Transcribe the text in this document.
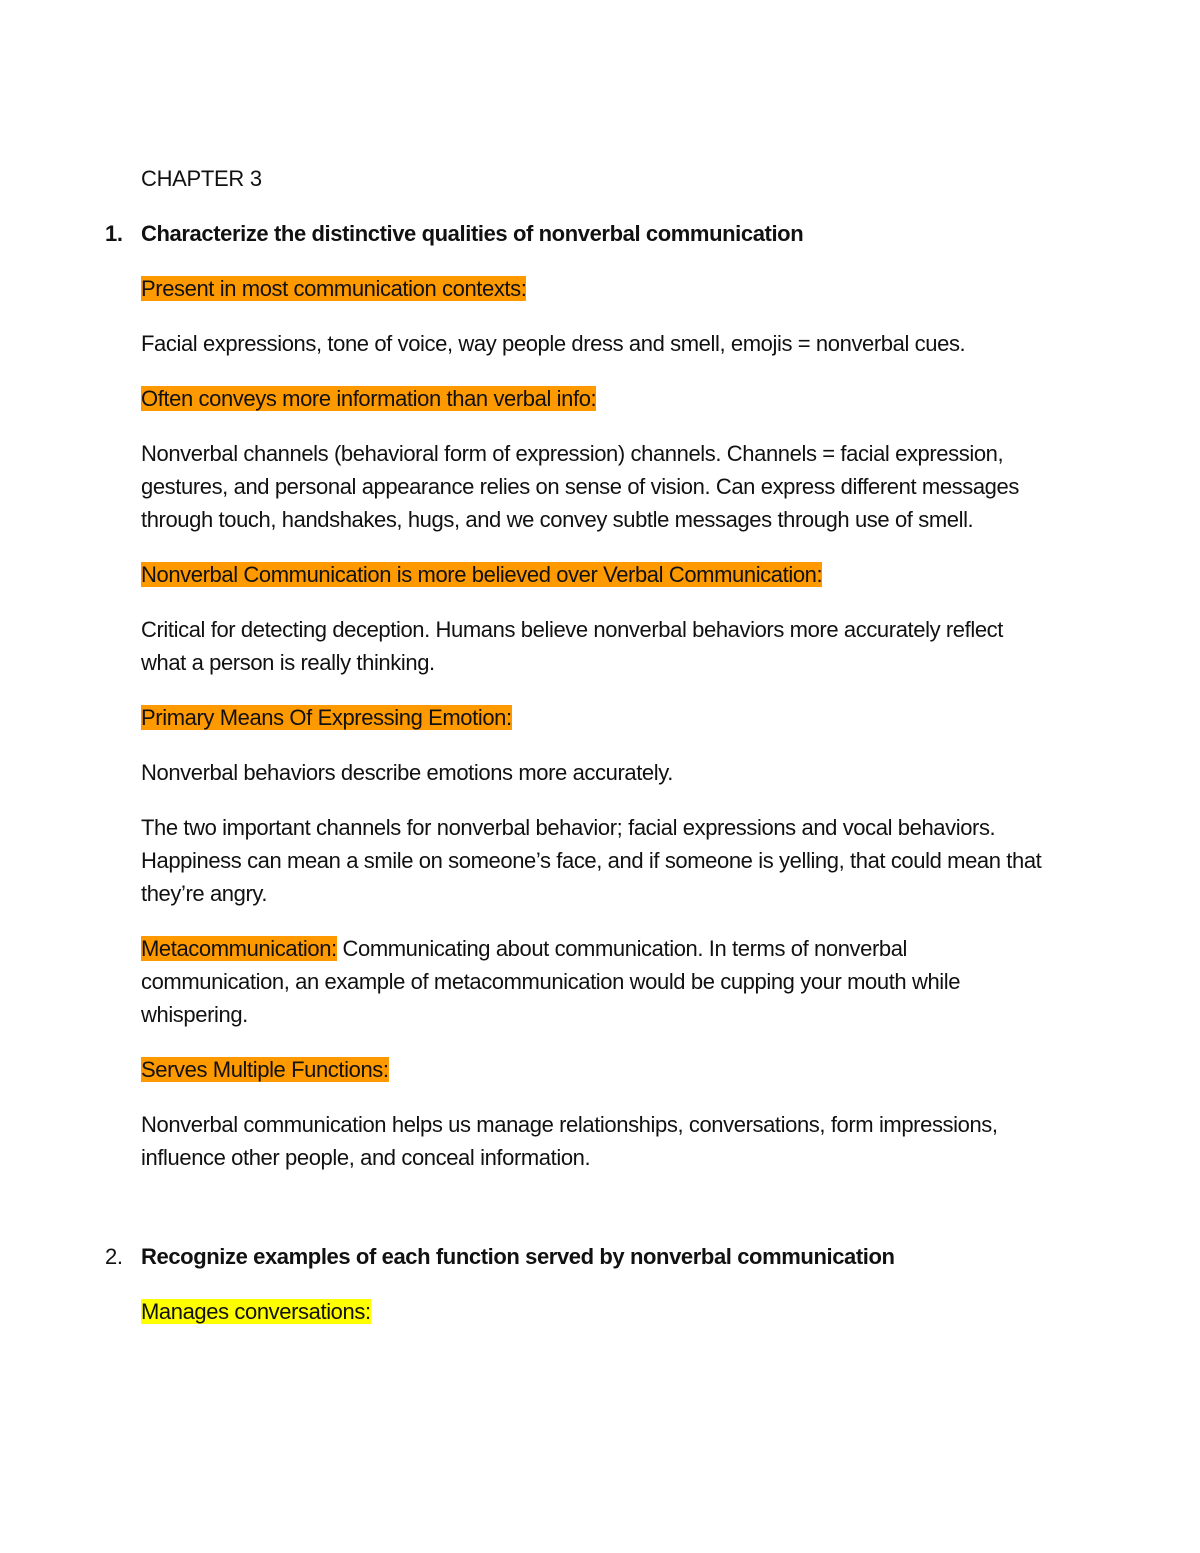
CHAPTER 3
1. Characterize the distinctive qualities of nonverbal communication
Present in most communication contexts:
Facial expressions, tone of voice, way people dress and smell, emojis = nonverbal cues.
Often conveys more information than verbal info:
Nonverbal channels (behavioral form of expression) channels. Channels = facial expression, gestures, and personal appearance relies on sense of vision. Can express different messages through touch, handshakes, hugs, and we convey subtle messages through use of smell.
Nonverbal Communication is more believed over Verbal Communication:
Critical for detecting deception. Humans believe nonverbal behaviors more accurately reflect what a person is really thinking.
Primary Means Of Expressing Emotion:
Nonverbal behaviors describe emotions more accurately.
The two important channels for nonverbal behavior; facial expressions and vocal behaviors. Happiness can mean a smile on someone’s face, and if someone is yelling, that could mean that they’re angry.
Metacommunication: Communicating about communication. In terms of nonverbal communication, an example of metacommunication would be cupping your mouth while whispering.
Serves Multiple Functions:
Nonverbal communication helps us manage relationships, conversations, form impressions, influence other people, and conceal information.
2. Recognize examples of each function served by nonverbal communication
Manages conversations:
